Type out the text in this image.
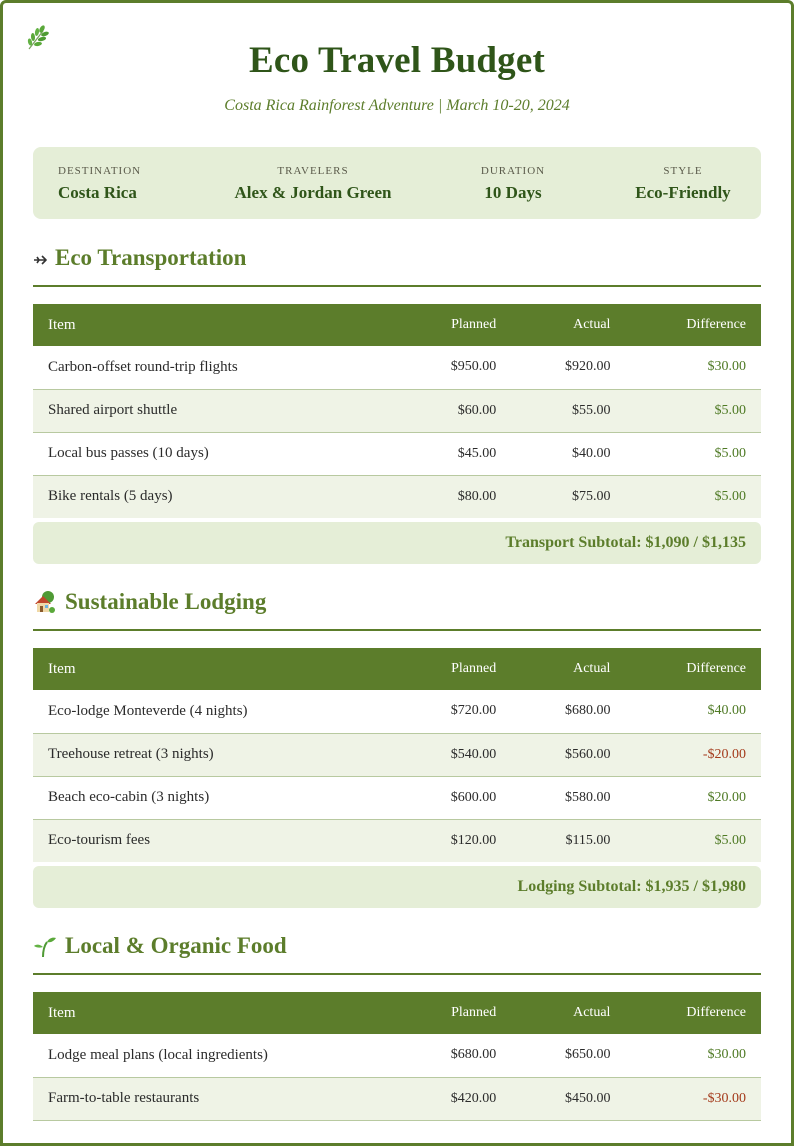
Eco Travel Budget
Costa Rica Rainforest Adventure | March 10-20, 2024
DESTINATION
Costa Rica
TRAVELERS
Alex & Jordan Green
DURATION
10 Days
STYLE
Eco-Friendly
Eco Transportation
Item	Planned	Actual	Difference
Carbon-offset round-trip flights	$950.00	$920.00	$30.00
Shared airport shuttle	$60.00	$55.00	$5.00
Local bus passes (10 days)	$45.00	$40.00	$5.00
Bike rentals (5 days)	$80.00	$75.00	$5.00
Transport Subtotal: $1,090 / $1,135
Sustainable Lodging
Item	Planned	Actual	Difference
Eco-lodge Monteverde (4 nights)	$720.00	$680.00	$40.00
Treehouse retreat (3 nights)	$540.00	$560.00	-$20.00
Beach eco-cabin (3 nights)	$600.00	$580.00	$20.00
Eco-tourism fees	$120.00	$115.00	$5.00
Lodging Subtotal: $1,935 / $1,980
Local & Organic Food
Item	Planned	Actual	Difference
Lodge meal plans (local ingredients)	$680.00	$650.00	$30.00
Farm-to-table restaurants	$420.00	$450.00	-$30.00
